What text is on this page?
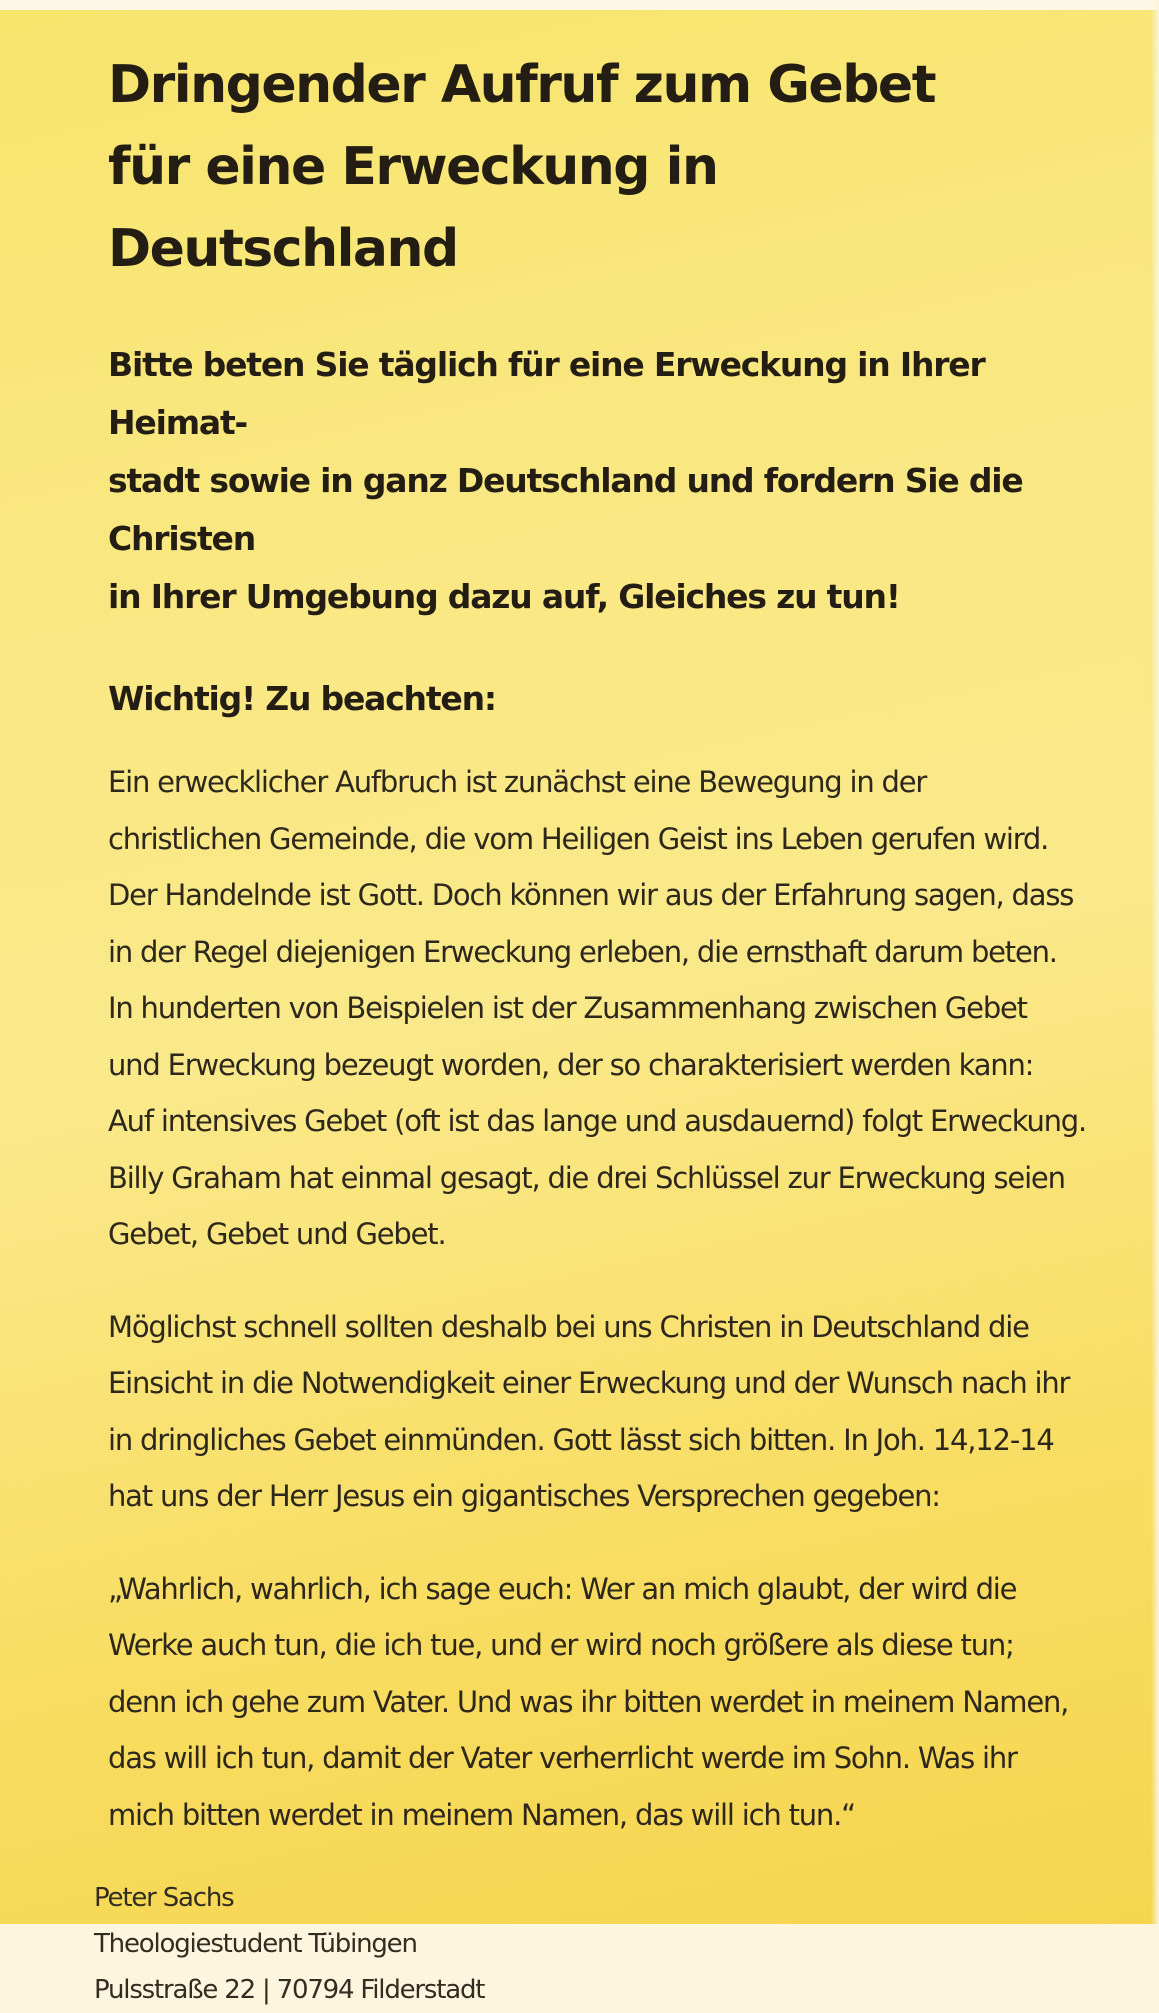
Dringender Aufruf zum Gebet
für eine Erweckung in Deutschland

Bitte beten Sie täglich für eine Erweckung in Ihrer Heimat-
stadt sowie in ganz Deutschland und fordern Sie die Christen
in Ihrer Umgebung dazu auf, Gleiches zu tun!

Wichtig! Zu beachten:

Ein erwecklicher Aufbruch ist zunächst eine Bewegung in der
christlichen Gemeinde, die vom Heiligen Geist ins Leben gerufen wird.
Der Handelnde ist Gott. Doch können wir aus der Erfahrung sagen, dass
in der Regel diejenigen Erweckung erleben, die ernsthaft darum beten.
In hunderten von Beispielen ist der Zusammenhang zwischen Gebet
und Erweckung bezeugt worden, der so charakterisiert werden kann:
Auf intensives Gebet (oft ist das lange und ausdauernd) folgt Erweckung.
Billy Graham hat einmal gesagt, die drei Schlüssel zur Erweckung seien
Gebet, Gebet und Gebet.

Möglichst schnell sollten deshalb bei uns Christen in Deutschland die
Einsicht in die Notwendigkeit einer Erweckung und der Wunsch nach ihr
in dringliches Gebet einmünden. Gott lässt sich bitten. In Joh. 14,12-14
hat uns der Herr Jesus ein gigantisches Versprechen gegeben:

„Wahrlich, wahrlich, ich sage euch: Wer an mich glaubt, der wird die
Werke auch tun, die ich tue, und er wird noch größere als diese tun;
denn ich gehe zum Vater. Und was ihr bitten werdet in meinem Namen,
das will ich tun, damit der Vater verherrlicht werde im Sohn. Was ihr
mich bitten werdet in meinem Namen, das will ich tun.“

Peter Sachs
Theologiestudent Tübingen
Pulsstraße 22 | 70794 Filderstadt
